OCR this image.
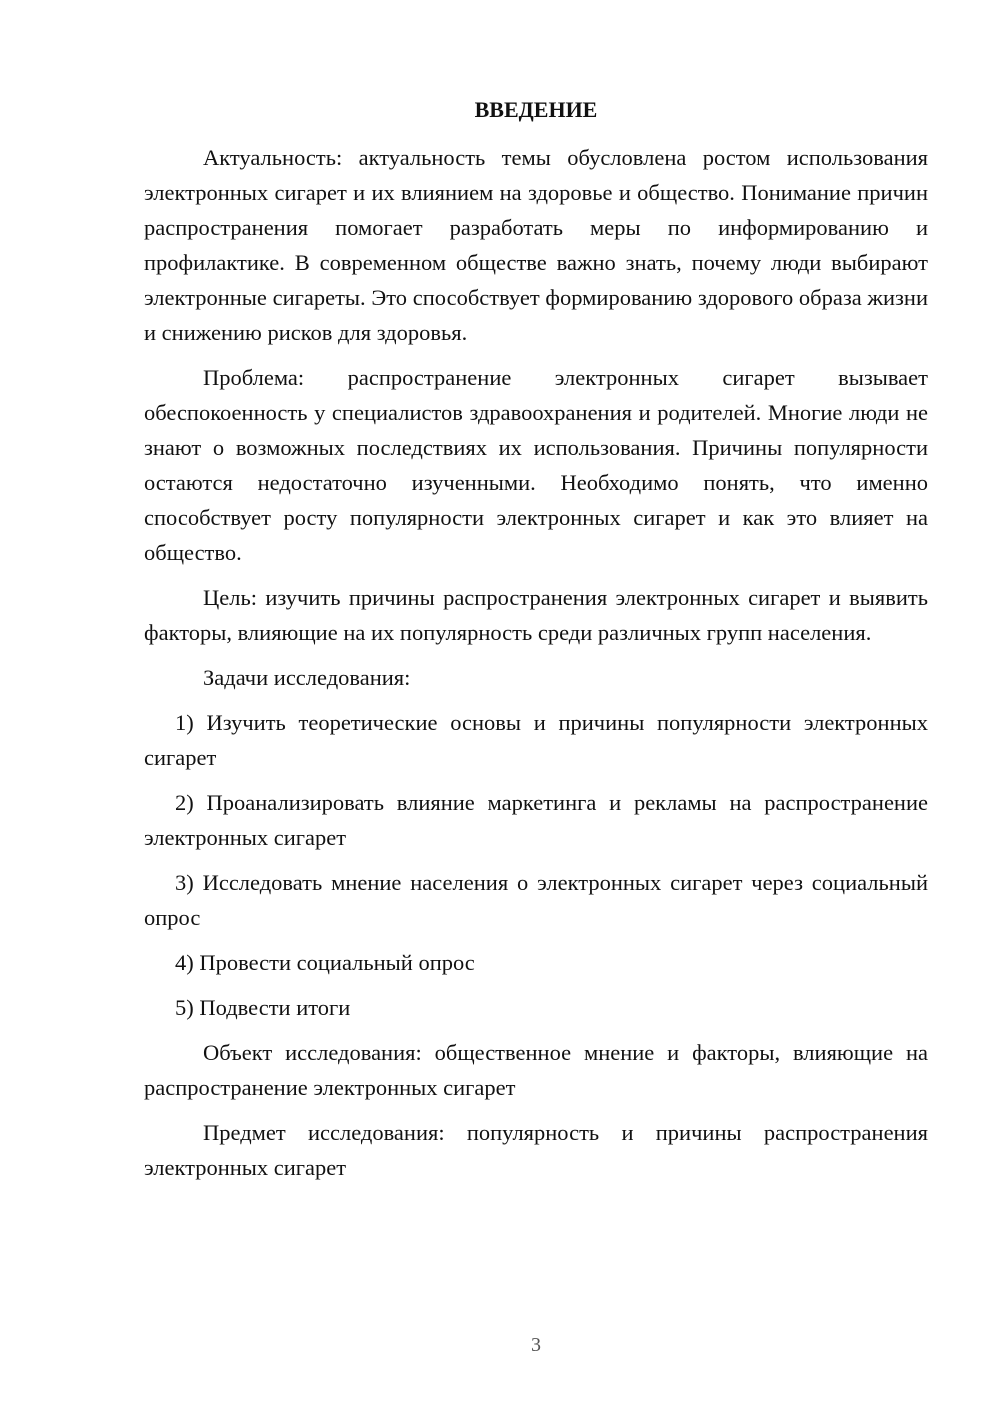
ВВЕДЕНИЕ

Актуальность: актуальность темы обусловлена ростом использования электронных сигарет и их влиянием на здоровье и общество. Понимание причин распространения помогает разработать меры по информированию и профилактике. В современном обществе важно знать, почему люди выбирают электронные сигареты. Это способствует формированию здорового образа жизни и снижению рисков для здоровья.

Проблема: распространение электронных сигарет вызывает обеспокоенность у специалистов здравоохранения и родителей. Многие люди не знают о возможных последствиях их использования. Причины популярности остаются недостаточно изученными. Необходимо понять, что именно способствует росту популярности электронных сигарет и как это влияет на общество.

Цель: изучить причины распространения электронных сигарет и выявить факторы, влияющие на их популярность среди различных групп населения.

Задачи исследования:

1) Изучить теоретические основы и причины популярности электронных сигарет

2) Проанализировать влияние маркетинга и рекламы на распространение электронных сигарет

3) Исследовать мнение населения о электронных сигарет через социальный опрос

4) Провести социальный опрос

5) Подвести итоги

Объект исследования: общественное мнение и факторы, влияющие на распространение электронных сигарет

Предмет исследования: популярность и причины распространения электронных сигарет

3
